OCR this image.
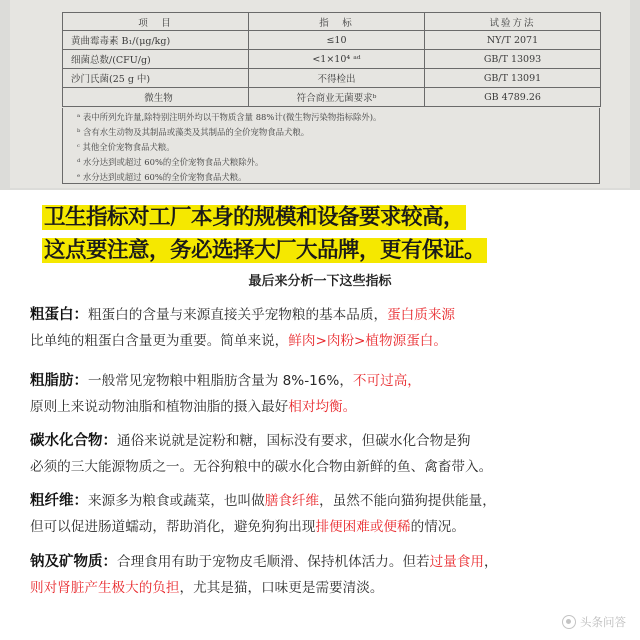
项　目	指　标	试验方法
黄曲霉毒素 B₁/(μg/kg)	≤10	NY/T 2071
细菌总数/(CFU/g)	<1×10⁴ ᵃᵈ	GB/T 13093
沙门氏菌(25 g 中)	不得检出	GB/T 13091
微生物	符合商业无菌要求ᵇ	GB 4789.26
ᵃ 表中所列允许量,除特别注明外均以干物质含量 88%计(微生物污染物指标除外)。
ᵇ 含有水生动物及其制品或藻类及其制品的全价宠物食品犬粮。
ᶜ 其他全价宠物食品犬粮。
ᵈ 水分达到或超过 60%的全价宠物食品犬粮除外。
ᵉ 水分达到或超过 60%的全价宠物食品犬粮。
卫生指标对工厂本身的规模和设备要求较高，
这点要注意，务必选择大厂大品牌，更有保证。
最后来分析一下这些指标
粗蛋白：粗蛋白的含量与来源直接关乎宠物粮的基本品质，蛋白质来源
比单纯的粗蛋白含量更为重要。简单来说，鲜肉>肉粉>植物源蛋白。
粗脂肪：一般常见宠物粮中粗脂肪含量为 8%-16%，不可过高，
原则上来说动物油脂和植物油脂的摄入最好相对均衡。
碳水化合物：通俗来说就是淀粉和糖，国标没有要求，但碳水化合物是狗
必须的三大能源物质之一。无谷狗粮中的碳水化合物由新鲜的鱼、禽畜带入。
粗纤维：来源多为粮食或蔬菜，也叫做膳食纤维，虽然不能向猫狗提供能量，
但可以促进肠道蠕动，帮助消化，避免狗狗出现排便困难或便稀的情况。
钠及矿物质：合理食用有助于宠物皮毛顺滑、保持机体活力。但若过量食用，
则对肾脏产生极大的负担，尤其是猫，口味更是需要清淡。
头条问答
